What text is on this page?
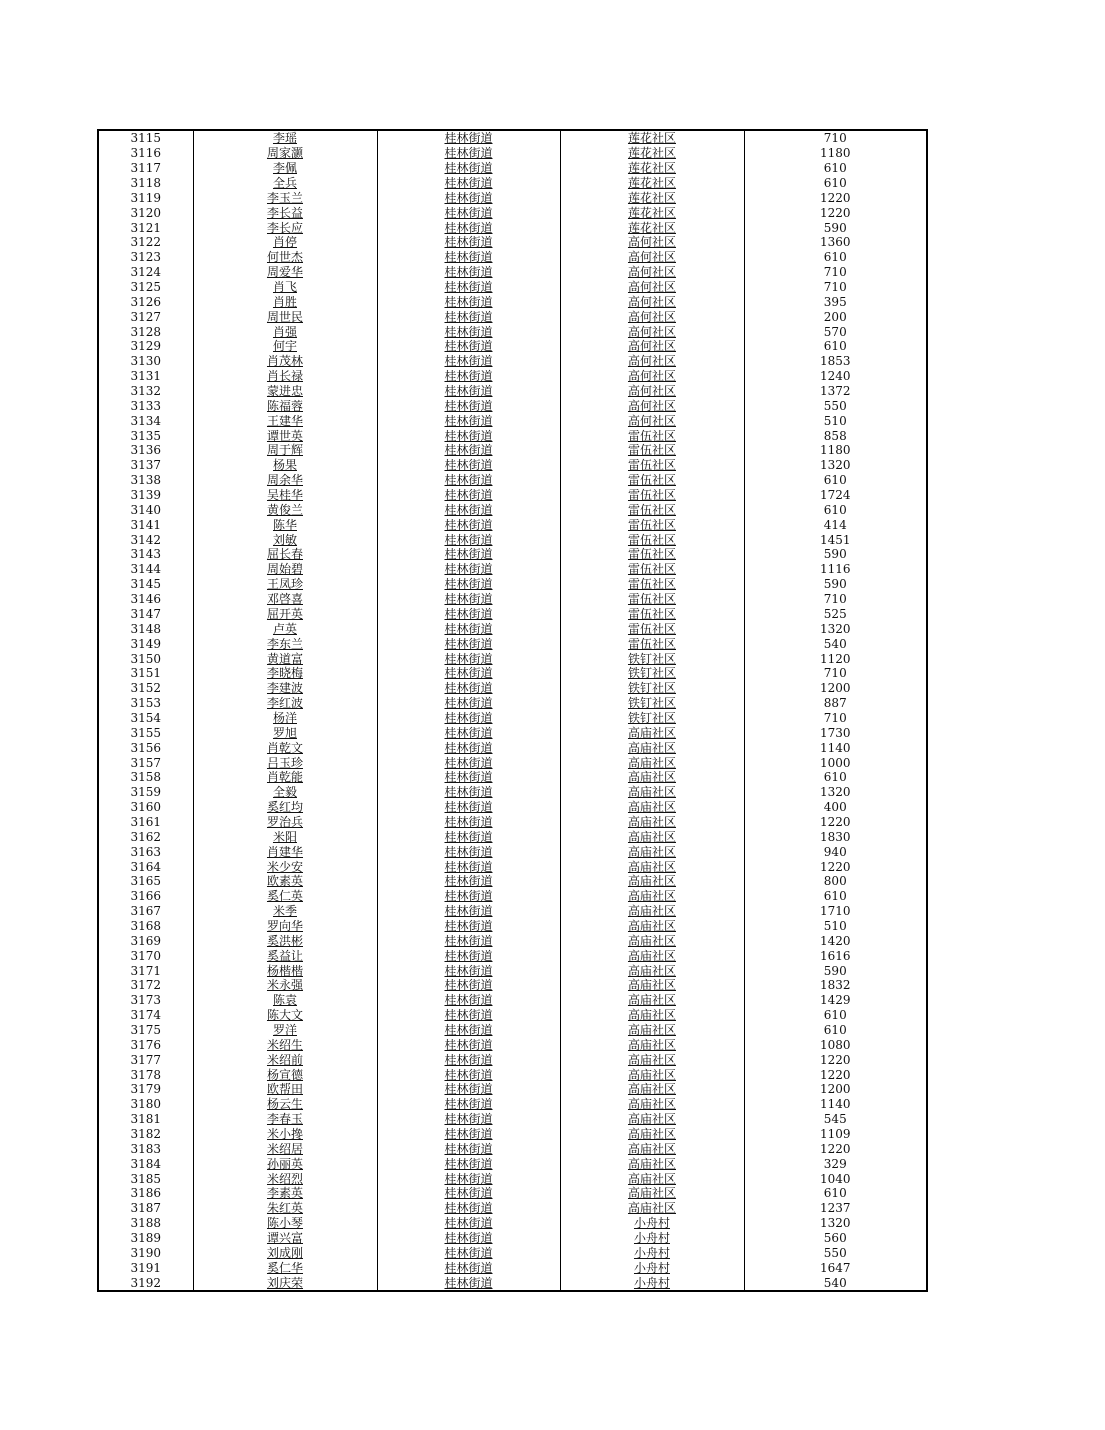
3115	李瑶	桂林街道	莲花社区	710
3116	周家灏	桂林街道	莲花社区	1180
3117	李佩	桂林街道	莲花社区	610
3118	全兵	桂林街道	莲花社区	610
3119	李玉兰	桂林街道	莲花社区	1220
3120	李长益	桂林街道	莲花社区	1220
3121	李长应	桂林街道	莲花社区	590
3122	肖停	桂林街道	高何社区	1360
3123	何世杰	桂林街道	高何社区	610
3124	周爱华	桂林街道	高何社区	710
3125	肖飞	桂林街道	高何社区	710
3126	肖胜	桂林街道	高何社区	395
3127	周世民	桂林街道	高何社区	200
3128	肖强	桂林街道	高何社区	570
3129	何宇	桂林街道	高何社区	610
3130	肖茂林	桂林街道	高何社区	1853
3131	肖长禄	桂林街道	高何社区	1240
3132	蒙进忠	桂林街道	高何社区	1372
3133	陈福蓉	桂林街道	高何社区	550
3134	王建华	桂林街道	高何社区	510
3135	谭世英	桂林街道	雷伍社区	858
3136	周于辉	桂林街道	雷伍社区	1180
3137	杨果	桂林街道	雷伍社区	1320
3138	周余华	桂林街道	雷伍社区	610
3139	吴桂华	桂林街道	雷伍社区	1724
3140	黄俊兰	桂林街道	雷伍社区	610
3141	陈华	桂林街道	雷伍社区	414
3142	刘敏	桂林街道	雷伍社区	1451
3143	屈长春	桂林街道	雷伍社区	590
3144	周始碧	桂林街道	雷伍社区	1116
3145	王凤珍	桂林街道	雷伍社区	590
3146	邓啓喜	桂林街道	雷伍社区	710
3147	屈开英	桂林街道	雷伍社区	525
3148	卢英	桂林街道	雷伍社区	1320
3149	李东兰	桂林街道	雷伍社区	540
3150	黄道富	桂林街道	铁钉社区	1120
3151	李晓梅	桂林街道	铁钉社区	710
3152	李建波	桂林街道	铁钉社区	1200
3153	李红波	桂林街道	铁钉社区	887
3154	杨洋	桂林街道	铁钉社区	710
3155	罗旭	桂林街道	高庙社区	1730
3156	肖乾文	桂林街道	高庙社区	1140
3157	吕玉珍	桂林街道	高庙社区	1000
3158	肖乾能	桂林街道	高庙社区	610
3159	全毅	桂林街道	高庙社区	1320
3160	奚红均	桂林街道	高庙社区	400
3161	罗治兵	桂林街道	高庙社区	1220
3162	米阳	桂林街道	高庙社区	1830
3163	肖建华	桂林街道	高庙社区	940
3164	米少安	桂林街道	高庙社区	1220
3165	欧素英	桂林街道	高庙社区	800
3166	奚仁英	桂林街道	高庙社区	610
3167	米季	桂林街道	高庙社区	1710
3168	罗向华	桂林街道	高庙社区	510
3169	奚洪彬	桂林街道	高庙社区	1420
3170	奚益让	桂林街道	高庙社区	1616
3171	杨楷楷	桂林街道	高庙社区	590
3172	米永强	桂林街道	高庙社区	1832
3173	陈袁	桂林街道	高庙社区	1429
3174	陈大文	桂林街道	高庙社区	610
3175	罗洋	桂林街道	高庙社区	610
3176	米绍生	桂林街道	高庙社区	1080
3177	米绍前	桂林街道	高庙社区	1220
3178	杨宣德	桂林街道	高庙社区	1220
3179	欧帮田	桂林街道	高庙社区	1200
3180	杨云生	桂林街道	高庙社区	1140
3181	李春玉	桂林街道	高庙社区	545
3182	米小搀	桂林街道	高庙社区	1109
3183	米绍居	桂林街道	高庙社区	1220
3184	孙丽英	桂林街道	高庙社区	329
3185	米绍烈	桂林街道	高庙社区	1040
3186	李素英	桂林街道	高庙社区	610
3187	朱红英	桂林街道	高庙社区	1237
3188	陈小琴	桂林街道	小舟村	1320
3189	谭兴富	桂林街道	小舟村	560
3190	刘成刚	桂林街道	小舟村	550
3191	奚仁华	桂林街道	小舟村	1647
3192	刘庆荣	桂林街道	小舟村	540
